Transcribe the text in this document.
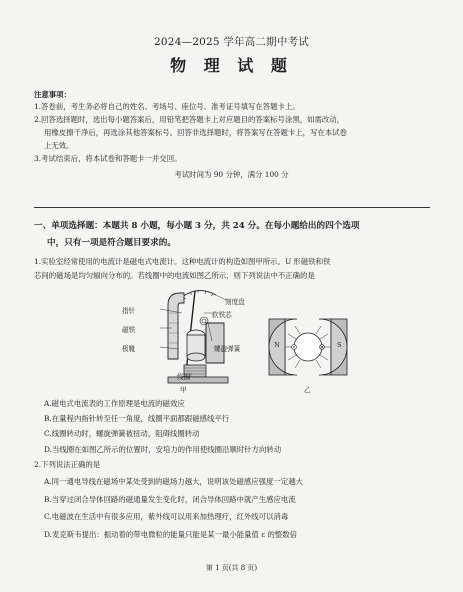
2024—2025 学年高二期中考试
物 理 试 题
注意事项：
1.答卷前，考生务必将自己的姓名、考场号、座位号、准考证号填写在答题卡上。
2.回答选择题时，选出每小题答案后，用铅笔把答题卡上对应题目的答案标号涂黑，如需改动，
用橡皮擦干净后，再选涂其他答案标号。回答非选择题时，将答案写在答题卡上，写在本试卷
上无效。
3.考试结束后，将本试卷和答题卡一并交回。
考试时间为 90 分钟，满分 100 分
一、单项选择题：本题共 8 小题，每小题 3 分，共 24 分。在每小题给出的四个选项
中，只有一项是符合题目要求的。
1.实验室经常使用的电流计是磁电式电流计。这种电流计的构造如图甲所示。U 形磁铁和铁
芯间的磁场是均匀辐向分布的。若线圈中的电流如图乙所示，则下列说法中不正确的是
指针
刻度盘
磁铁
软铁芯
极靴	螺旋弹簧
线圈
甲
N	S
乙
A.磁电式电流表的工作原理是电流的磁效应
B.在量程内指针转至任一角度，线圈平面都跟磁感线平行
C.线圈转动时，螺旋弹簧被扭动，阻碍线圈转动
D.当线圈在如图乙所示的位置时，安培力的作用使线圈沿顺时针方向转动
2.下列说法正确的是
A.同一通电导线在磁场中某处受到的磁场力越大，说明该处磁感应强度一定越大
B.当穿过闭合导体回路的磁通量发生变化时，闭合导体回路中就产生感应电流
C.电磁波在生活中有很多应用，紫外线可以用来加热理疗，红外线可以消毒
D.麦克斯韦提出：振动着的带电微粒的能量只能是某一最小能量值 ε 的整数倍
第 1 页(共 8 页)
